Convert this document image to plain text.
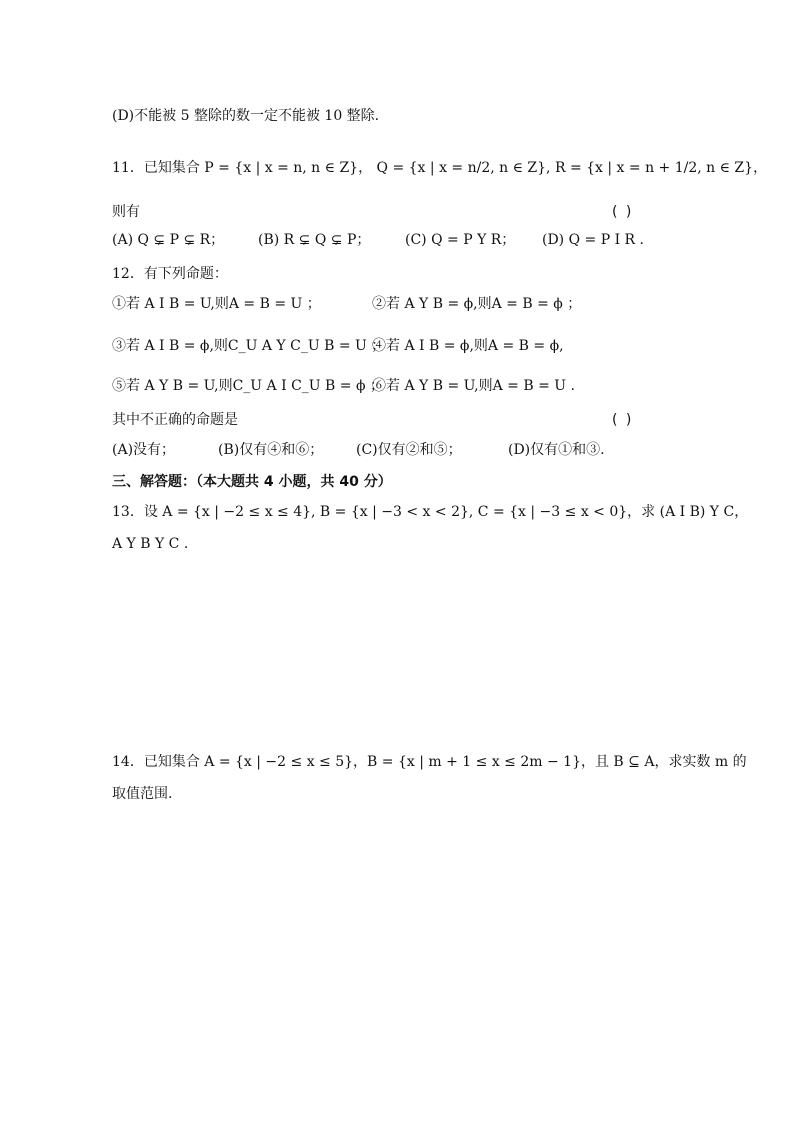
(D)不能被 5 整除的数一定不能被 10 整除.
11．已知集合 P = {x | x = n, n ∈ Z}， Q = {x | x = n/2, n ∈ Z}, R = {x | x = n + 1/2, n ∈ Z}，
则有	( )
(A) Q ⊊ P ⊊ R； (B) R ⊊ Q ⊊ P； (C) Q = P Y R； (D) Q = P I R .
12．有下列命题：
①若 A I B = U,则A = B = U ；	②若 A Y B = ϕ,则A = B = ϕ ；
③若 A I B = ϕ,则C_U A Y C_U B = U ；
④若 A I B = ϕ,则A = B = ϕ,
⑤若 A Y B = U,则C_U A I C_U B = ϕ ；
⑥若 A Y B = U,则A = B = U .
其中不正确的命题是	( )
(A)没有；	(B)仅有④和⑥； (C)仅有②和⑤；	(D)仅有①和③.
三、解答题：（本大题共 4 小题，共 40 分）
13．设 A = {x | −2 ≤ x ≤ 4}, B = {x | −3 < x < 2}, C = {x | −3 ≤ x < 0}，求 (A I B) Y C，
A Y B Y C .
14．已知集合 A = {x | −2 ≤ x ≤ 5}，B = {x | m + 1 ≤ x ≤ 2m − 1}，且 B ⊆ A，求实数 m 的
取值范围.
